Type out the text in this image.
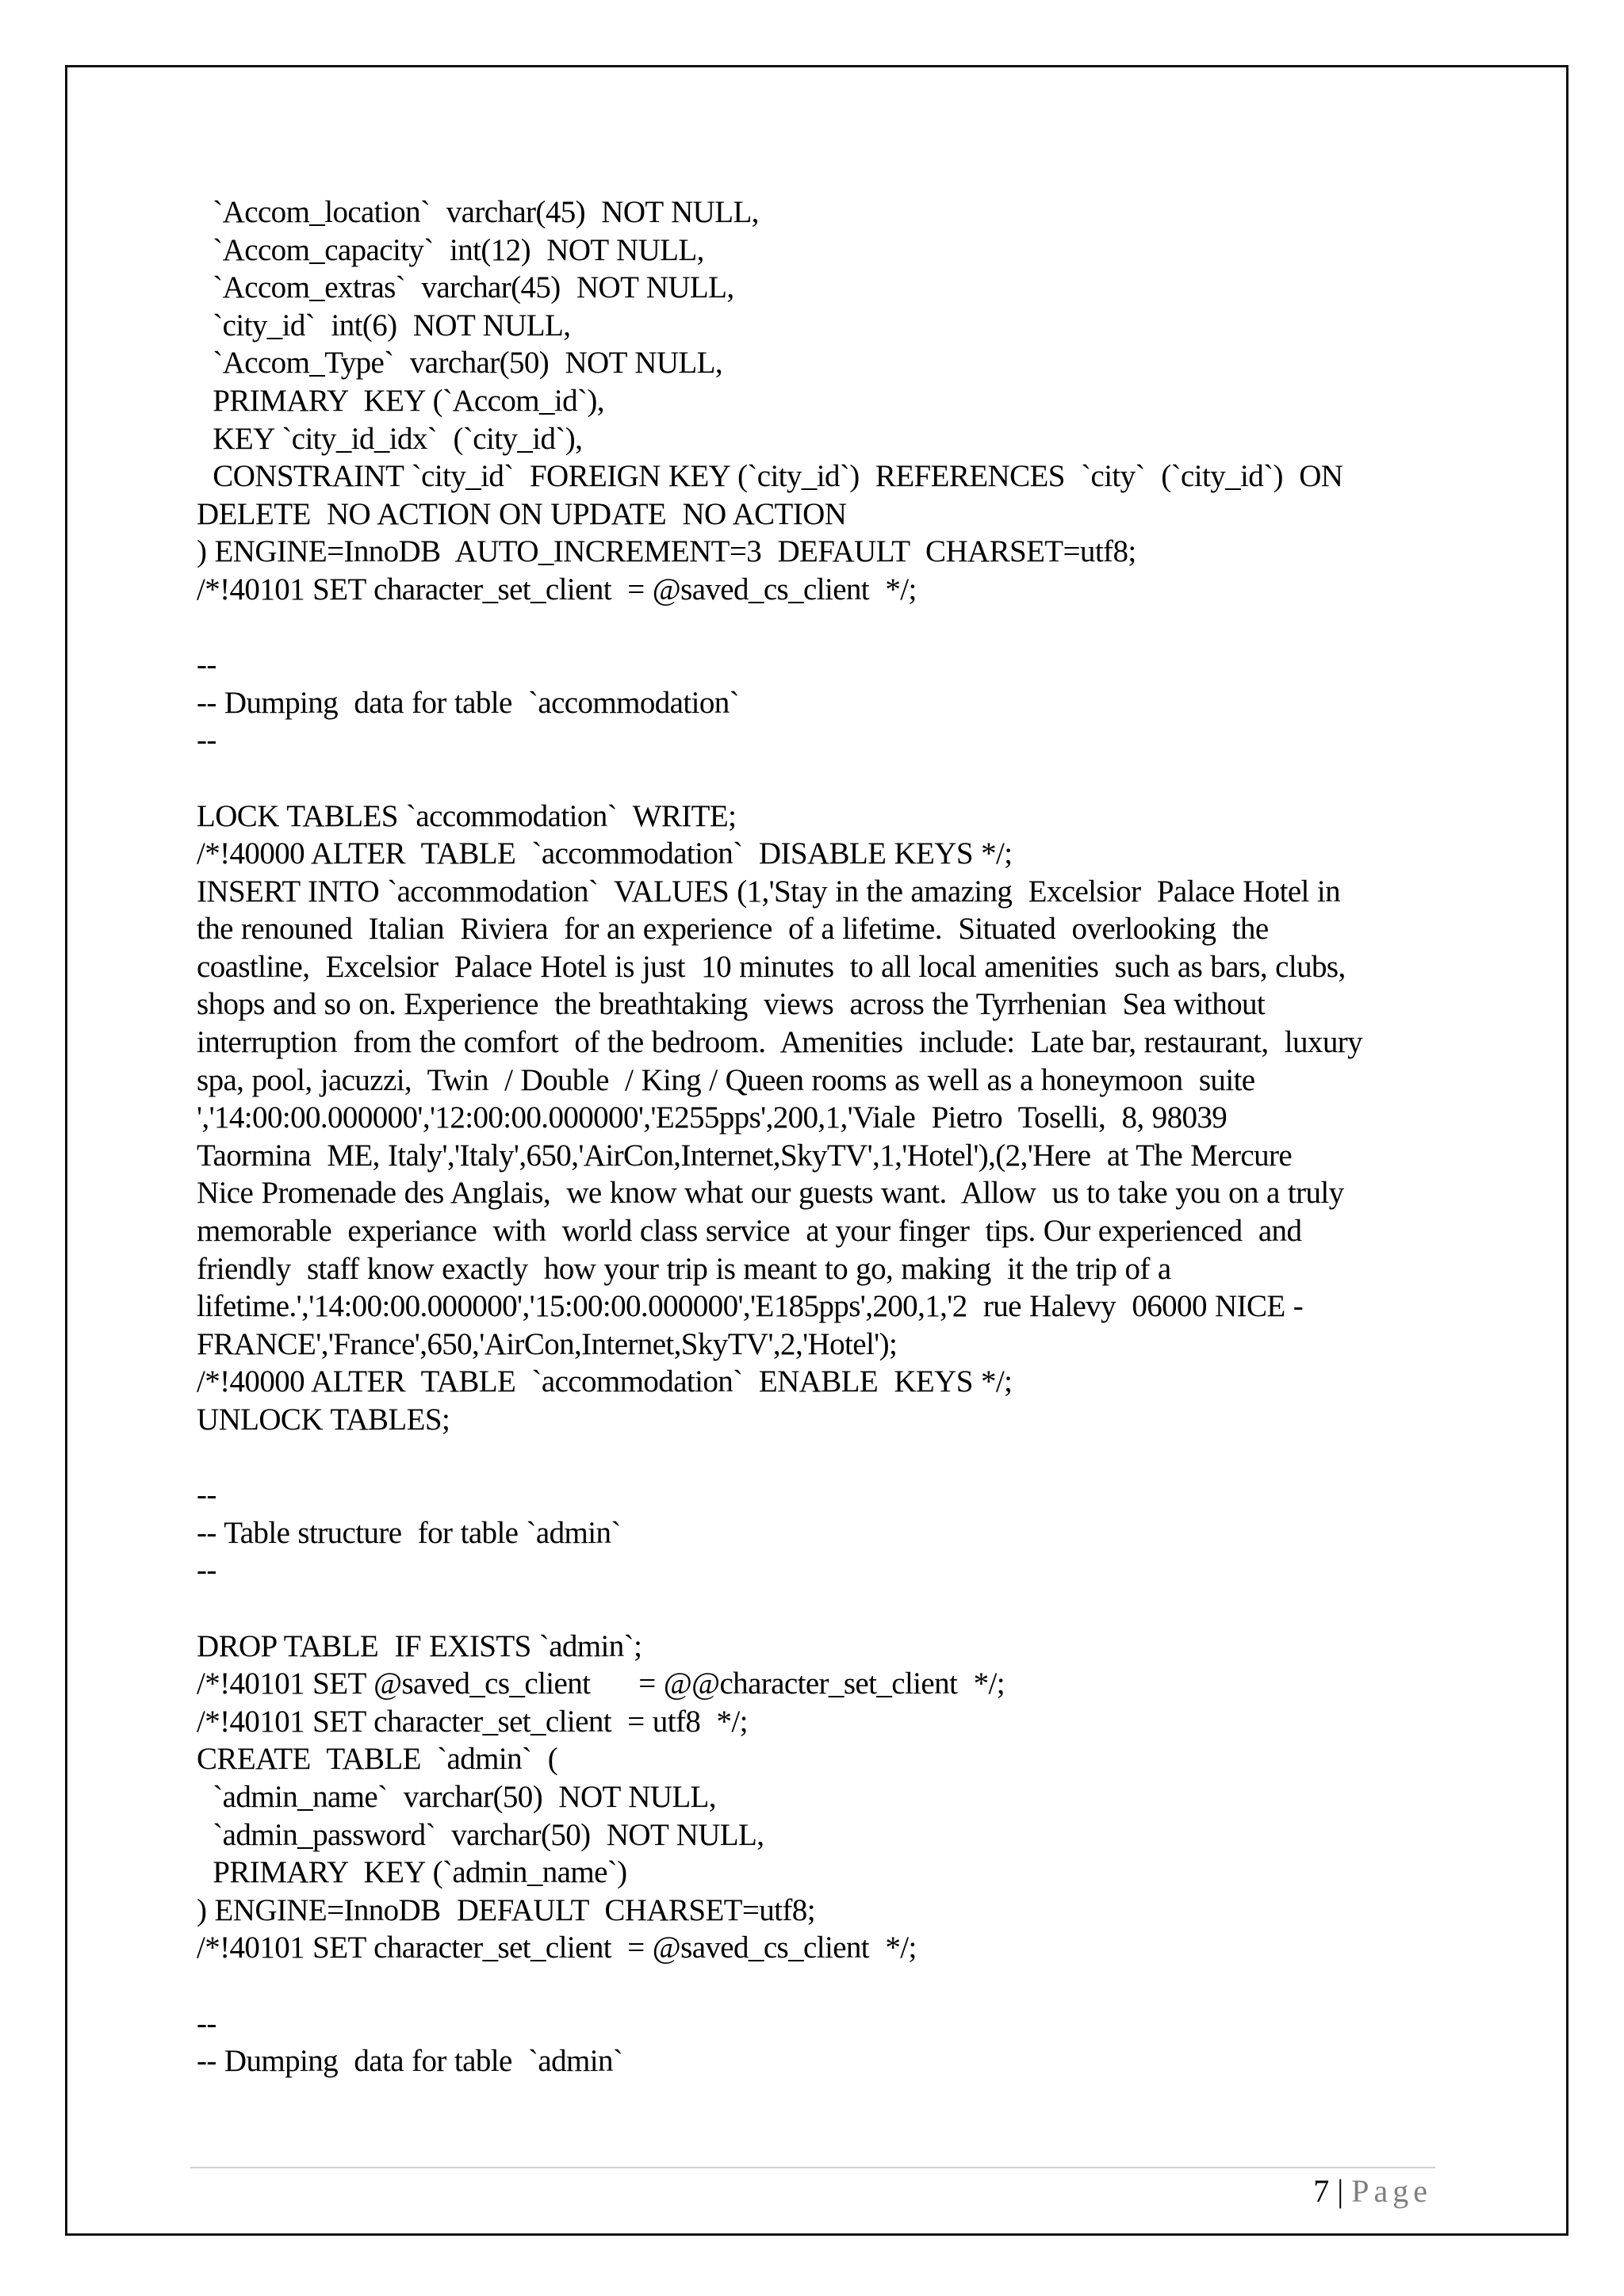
`Accom_location`  varchar(45)  NOT NULL,
`Accom_capacity`  int(12)  NOT NULL,
`Accom_extras`  varchar(45)  NOT NULL,
`city_id`  int(6)  NOT NULL,
`Accom_Type`  varchar(50)  NOT NULL,
PRIMARY  KEY (`Accom_id`),
KEY `city_id_idx`  (`city_id`),
CONSTRAINT `city_id`  FOREIGN KEY (`city_id`)  REFERENCES  `city`  (`city_id`)  ON
DELETE  NO ACTION ON UPDATE  NO ACTION
) ENGINE=InnoDB  AUTO_INCREMENT=3  DEFAULT  CHARSET=utf8;
/*!40101 SET character_set_client  = @saved_cs_client  */;
--
-- Dumping  data for table  `accommodation`
--
LOCK TABLES `accommodation`  WRITE;
/*!40000 ALTER  TABLE  `accommodation`  DISABLE KEYS */;
INSERT INTO `accommodation`  VALUES (1,'Stay in the amazing  Excelsior  Palace Hotel in
the renouned  Italian  Riviera  for an experience  of a lifetime.  Situated  overlooking  the
coastline,  Excelsior  Palace Hotel is just  10 minutes  to all local amenities  such as bars, clubs,
shops and so on. Experience  the breathtaking  views  across the Tyrrhenian  Sea without
interruption  from the comfort  of the bedroom.  Amenities  include:  Late bar, restaurant,  luxury
spa, pool, jacuzzi,  Twin  / Double  / King / Queen rooms as well as a honeymoon  suite
','14:00:00.000000','12:00:00.000000','E255pps',200,1,'Viale  Pietro  Toselli,  8, 98039
Taormina  ME, Italy','Italy',650,'AirCon,Internet,SkyTV',1,'Hotel'),(2,'Here  at The Mercure
Nice Promenade des Anglais,  we know what our guests want.  Allow  us to take you on a truly
memorable  experiance  with  world class service  at your finger  tips. Our experienced  and
friendly  staff know exactly  how your trip is meant to go, making  it the trip of a
lifetime.','14:00:00.000000','15:00:00.000000','E185pps',200,1,'2  rue Halevy  06000 NICE -
FRANCE','France',650,'AirCon,Internet,SkyTV',2,'Hotel');
/*!40000 ALTER  TABLE  `accommodation`  ENABLE  KEYS */;
UNLOCK TABLES;
--
-- Table structure  for table `admin`
--
DROP TABLE  IF EXISTS `admin`;
/*!40101 SET @saved_cs_client      = @@character_set_client  */;
/*!40101 SET character_set_client  = utf8  */;
CREATE  TABLE  `admin`  (
`admin_name`  varchar(50)  NOT NULL,
`admin_password`  varchar(50)  NOT NULL,
PRIMARY  KEY (`admin_name`)
) ENGINE=InnoDB  DEFAULT  CHARSET=utf8;
/*!40101 SET character_set_client  = @saved_cs_client  */;
--
-- Dumping  data for table  `admin`
7 | Page
